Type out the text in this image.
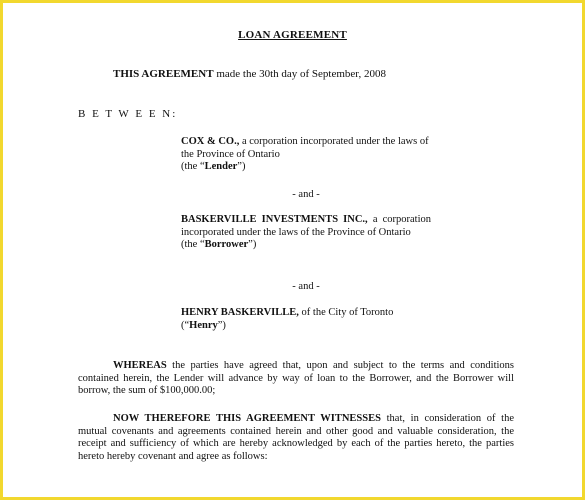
LOAN AGREEMENT
THIS AGREEMENT made the 30th day of September, 2008
B E T W E E N:
COX & CO., a corporation incorporated under the laws of the Province of Ontario
(the “Lender”)
- and -
BASKERVILLE INVESTMENTS INC., a corporation incorporated under the laws of the Province of Ontario
(the “Borrower”)
- and -
HENRY BASKERVILLE, of the City of Toronto
(“Henry”)
WHEREAS the parties have agreed that, upon and subject to the terms and conditions contained herein, the Lender will advance by way of loan to the Borrower, and the Borrower will borrow, the sum of $100,000.00;
NOW THEREFORE THIS AGREEMENT WITNESSES that, in consideration of the mutual covenants and agreements contained herein and other good and valuable consideration, the receipt and sufficiency of which are hereby acknowledged by each of the parties hereto, the parties hereto hereby covenant and agree as follows:
